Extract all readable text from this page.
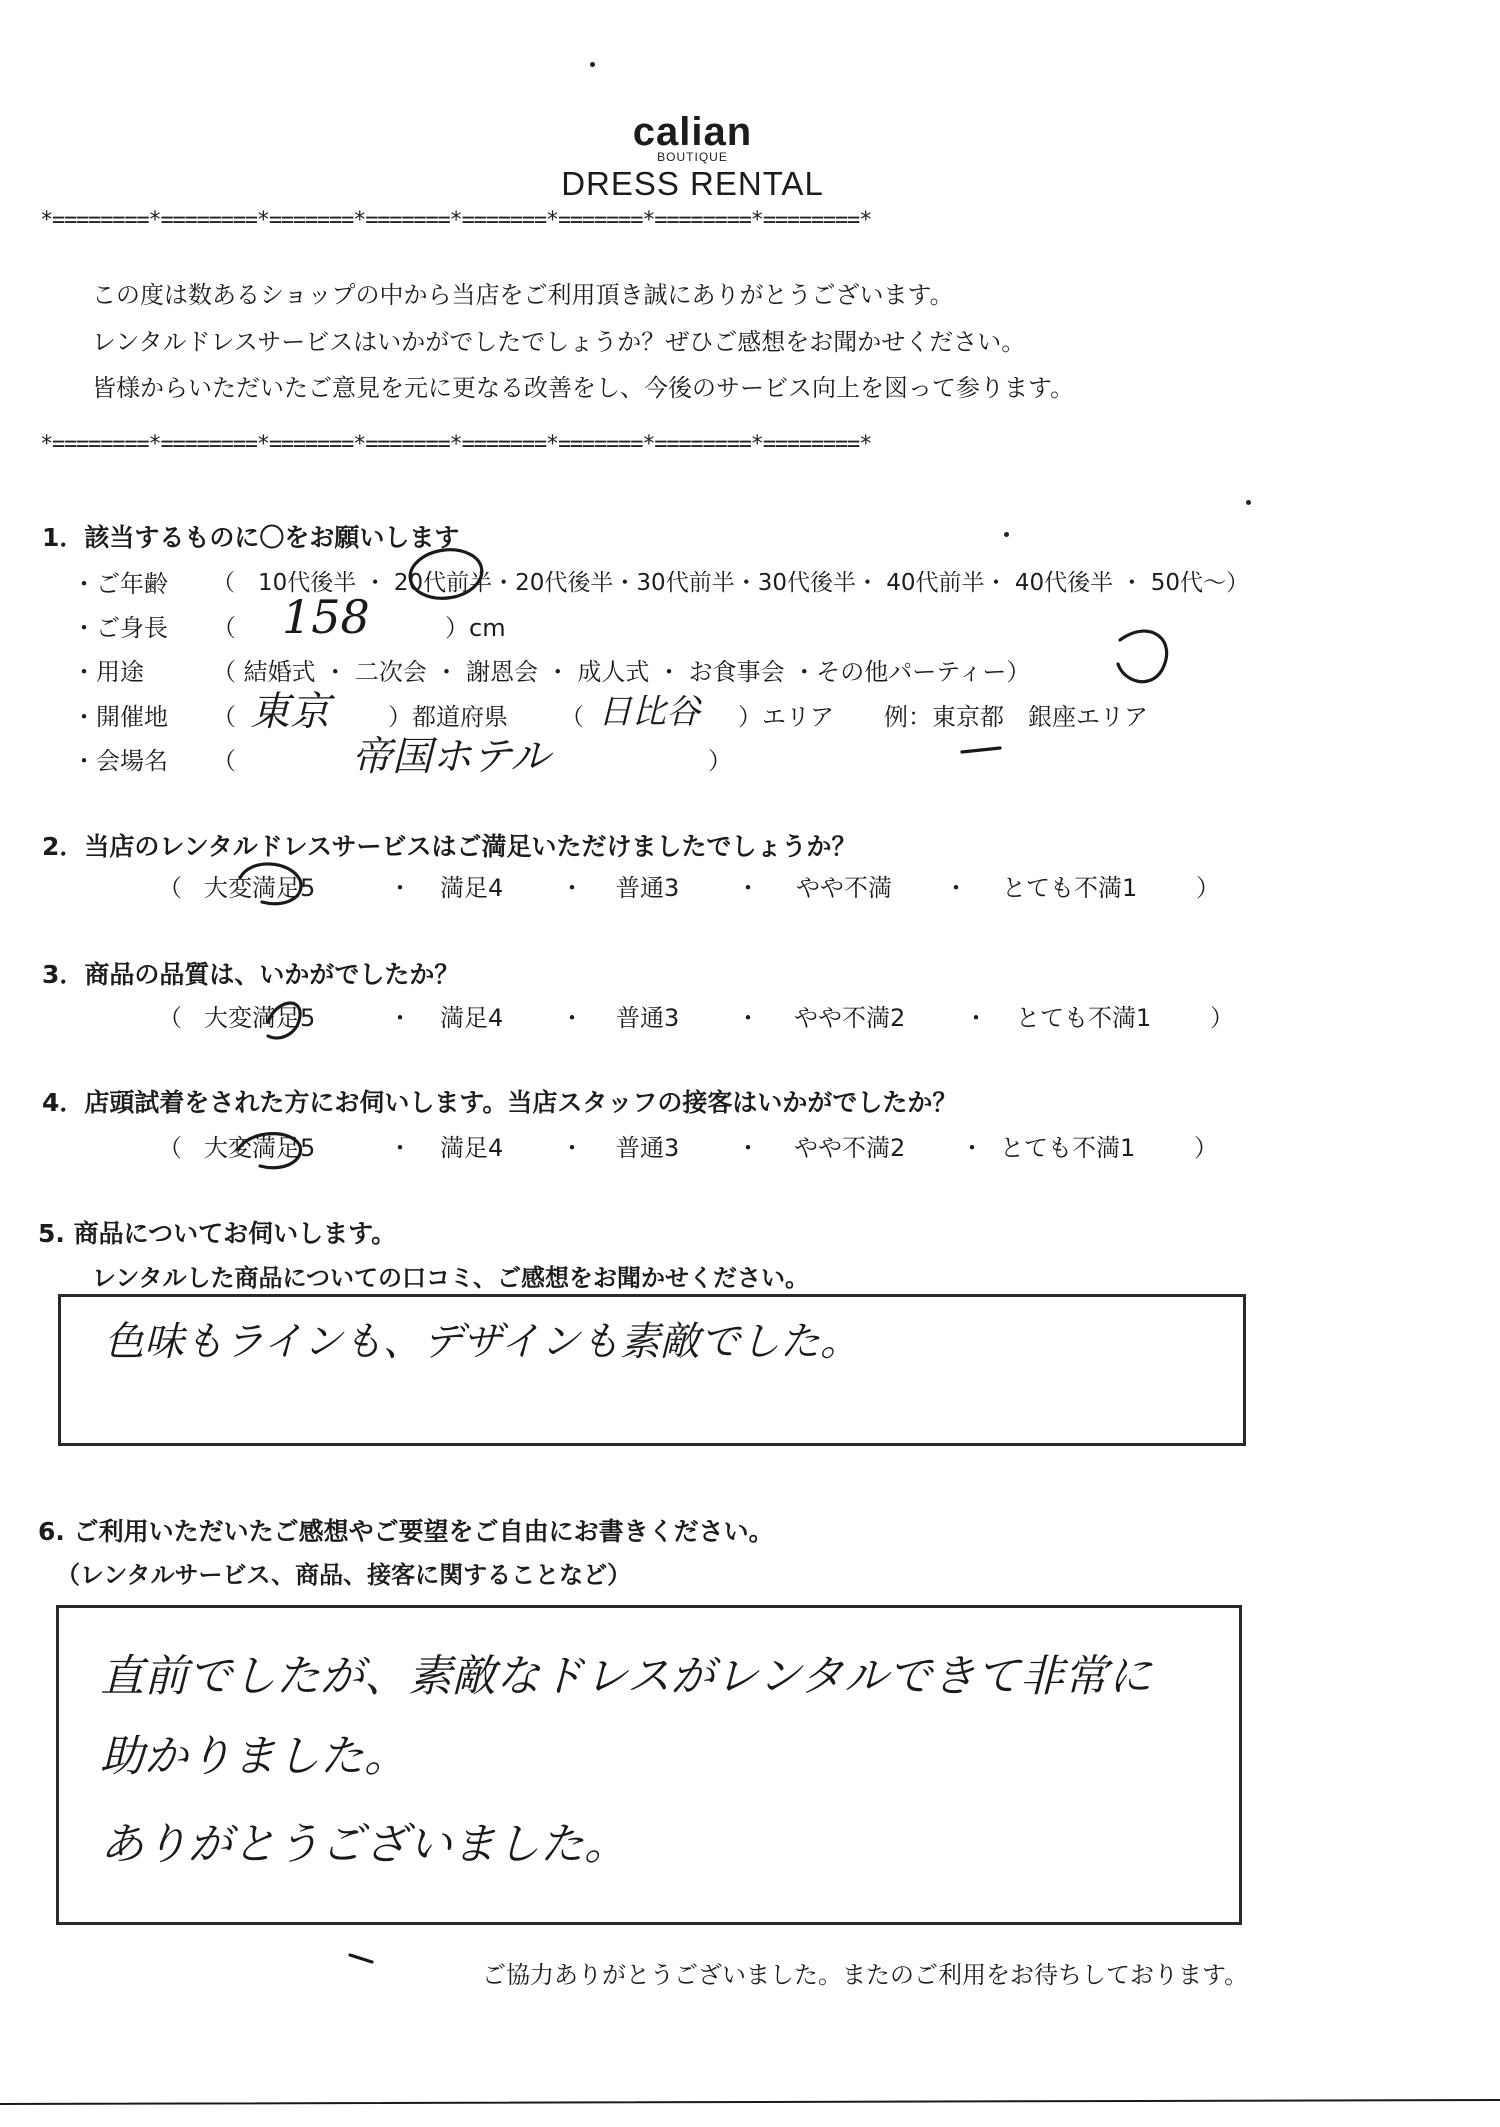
calian
BOUTIQUE
DRESS RENTAL
*========*========*=======*=======*=======*=======*========*========*
この度は数あるショップの中から当店をご利用頂き誠にありがとうございます。
レンタルドレスサービスはいかがでしたでしょうか？ぜひご感想をお聞かせください。
皆様からいただいたご意見を元に更なる改善をし、今後のサービス向上を図って参ります。
*========*========*=======*=======*=======*=======*========*========*
1．該当するものに〇をお願いします
・ご年齢 （　10代後半 ・ 20代前半・20代後半・30代前半・30代後半・ 40代前半・ 40代後半 ・ 50代～）
・ご身長 （ 158	）cm
・用途	（ 結婚式 ・ 二次会 ・ 謝恩会 ・ 成人式 ・ お食事会 ・その他パーティー）
・開催地 （ 東京 ）都道府県 （ 日比谷 ）エリア 例：東京都　銀座エリア
・会場名 （	帝国ホテル	）
2．当店のレンタルドレスサービスはご満足いただけましたでしょうか？
（ 大変満足5	・ 満足4 ・ 普通3 ・ やや不満 ・ とても不満1 ）
3．商品の品質は、いかがでしたか？
（ 大変満足5	・ 満足4 ・ 普通3 ・ やや不満2 ・ とても不満1 ）
4．店頭試着をされた方にお伺いします。当店スタッフの接客はいかがでしたか？
（ 大変満足5	・ 満足4 ・ 普通3 ・ やや不満2 ・ とても不満1 ）
5. 商品についてお伺いします。
レンタルした商品についての口コミ、ご感想をお聞かせください。
色味もラインも、デザインも素敵でした。
6. ご利用いただいたご感想やご要望をご自由にお書きください。
（レンタルサービス、商品、接客に関することなど）
直前でしたが、素敵なドレスがレンタルできて非常に
助かりました。
ありがとうございました。
ご協力ありがとうございました。またのご利用をお待ちしております。
